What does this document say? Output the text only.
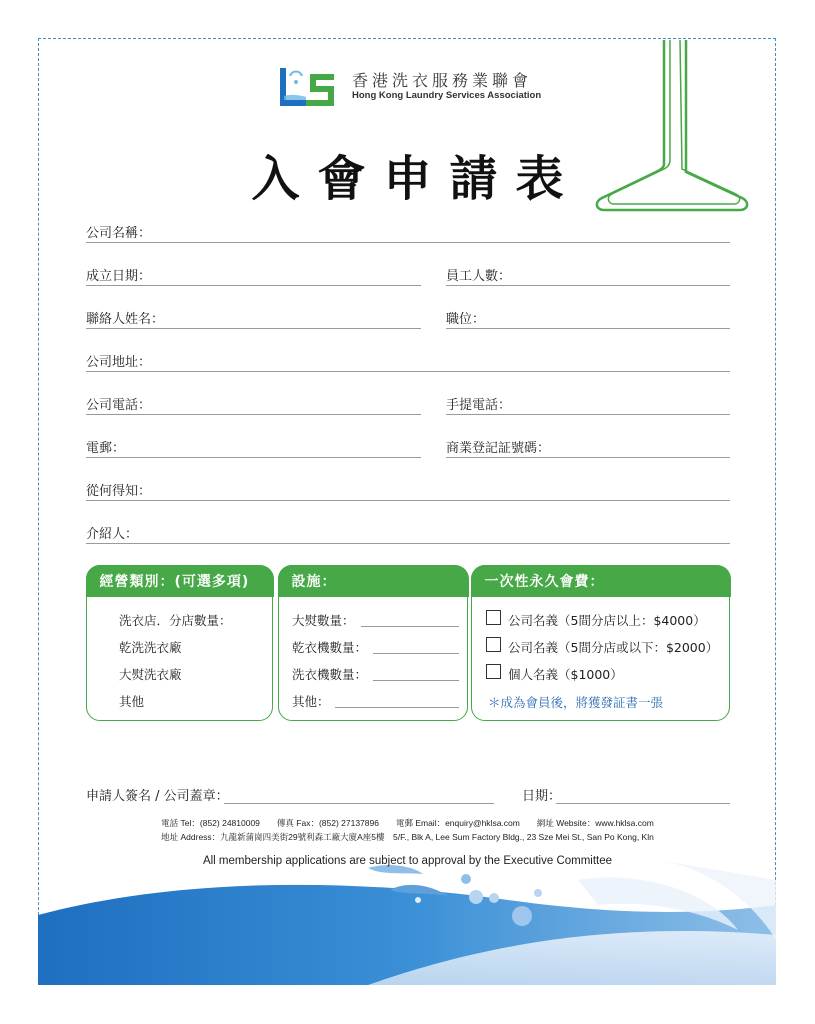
香港洗衣服務業聯會
Hong Kong Laundry Services Association
入會申請表
公司名稱：
成立日期：	員工人數：
聯絡人姓名：	職位：
公司地址：
公司電話：	手提電話：
電郵：	商業登記証號碼：
從何得知：
介紹人：
經營類別：(可選多項)
洗衣店．分店數量：
乾洗洗衣廠
大熨洗衣廠
其他
設施：
大熨數量：
乾衣機數量：
洗衣機數量：
其他：
一次性永久會費：
公司名義（5間分店以上：$4000）
公司名義（5間分店或以下：$2000）
個人名義（$1000）
＊成為會員後，將獲發証書一張
申請人簽名 / 公司蓋章：	日期：
電話 Tel：(852) 24810009　　傳真 Fax：(852) 27137896　　電郵 Email：enquiry@hklsa.com　　網址 Website：www.hklsa.com
地址 Address：九龍新蒲崗四美街29號利森工廠大廈A座5樓　5/F., Blk A, Lee Sum Factory Bldg., 23 Sze Mei St., San Po Kong, Kln
All membership applications are subject to approval by the Executive Committee
